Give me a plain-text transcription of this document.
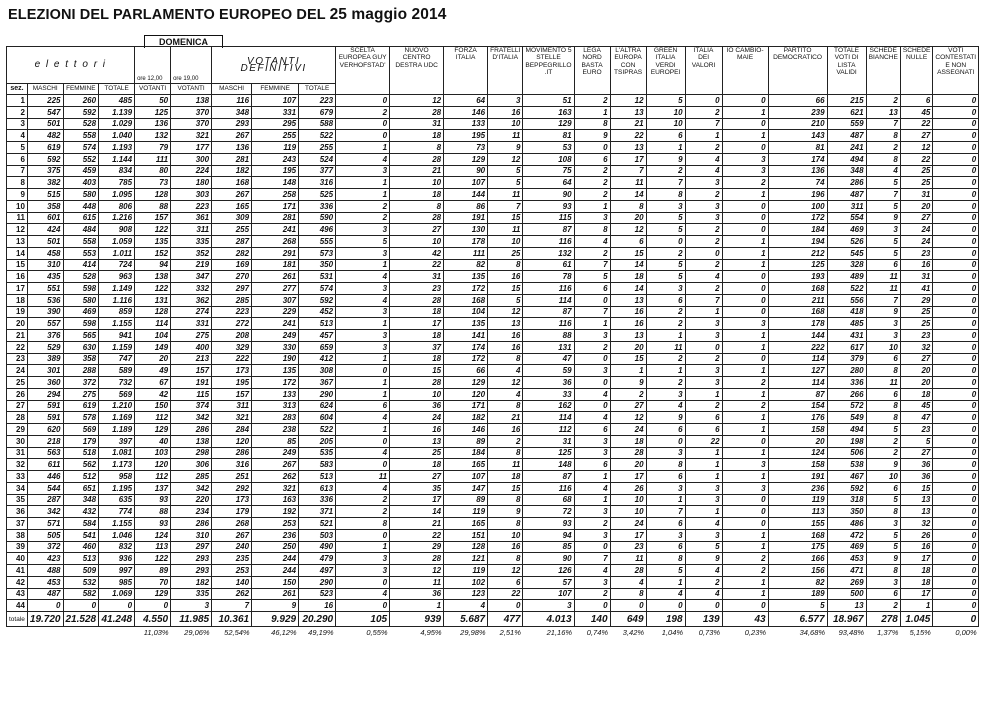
ELEZIONI DEL PARLAMENTO EUROPEO DEL 25 maggio 2014
DOMENICA
e l e t t o r i				ore 12,00	ore 19,00	VOTANTI DEFINITIVI			SCELTA EUROPEA GUY VERHOFSTAD'	NUOVO CENTRO DESTRA UDC	FORZA ITALIA	FRATELLI D'ITALIA	MOVIMENTO 5 STELLE BEPPEGRILLO .IT	LEGA NORD BASTA EURO	L'ALTRA EUROPA CON TSIPRAS	GREEN ITALIA VERDI EUROPEI	ITALIA DEI VALORI	IO CAMBIO- MAIE	PARTITO DEMOCRATICO	TOTALE VOTI DI LISTA VALIDI	SCHEDE BIANCHE	SCHEDE NULLE	VOTI CONTESTATI E NON ASSEGNATI
sez.	MASCHI	FEMMINE	TOTALE	VOTANTI	VOTANTI	MASCHI	FEMMINE	TOTALE															
1	225	260	485	50	138	116	107	223	0	12	64	3	51	2	12	5	0	0	66	215	2	6	0
2	547	592	1.139	125	370	348	331	679	2	28	146	16	163	1	13	10	2	1	239	621	13	45	0
3	501	528	1.029	136	370	293	295	588	0	31	133	10	129	8	21	10	7	0	210	559	7	22	0
4	482	558	1.040	132	321	267	255	522	0	18	195	11	81	9	22	6	1	1	143	487	8	27	0
5	619	574	1.193	79	177	136	119	255	1	8	73	9	53	0	13	1	2	0	81	241	2	12	0
6	592	552	1.144	111	300	281	243	524	4	28	129	12	108	6	17	9	4	3	174	494	8	22	0
7	375	459	834	80	224	182	195	377	3	21	90	5	75	2	7	2	4	3	136	348	4	25	0
8	382	403	785	73	180	168	148	316	1	10	107	5	64	2	11	7	3	2	74	286	5	25	0
9	515	580	1.095	128	303	267	258	525	1	18	144	11	90	2	14	8	2	1	196	487	7	31	0
10	358	448	806	88	223	165	171	336	2	8	86	7	93	1	8	3	3	0	100	311	5	20	0
11	601	615	1.216	157	361	309	281	590	2	28	191	15	115	3	20	5	3	0	172	554	9	27	0
12	424	484	908	122	311	255	241	496	3	27	130	11	87	8	12	5	2	0	184	469	3	24	0
13	501	558	1.059	135	335	287	268	555	5	10	178	10	116	4	6	0	2	1	194	526	5	24	0
14	458	553	1.011	152	352	282	291	573	3	42	111	25	132	2	15	2	0	1	212	545	5	23	0
15	310	414	724	94	219	169	181	350	1	22	82	8	61	7	14	5	2	1	125	328	6	16	0
16	435	528	963	138	347	270	261	531	4	31	135	16	78	5	18	5	4	0	193	489	11	31	0
17	551	598	1.149	122	332	297	277	574	3	23	172	15	116	6	14	3	2	0	168	522	11	41	0
18	536	580	1.116	131	362	285	307	592	4	28	168	5	114	0	13	6	7	0	211	556	7	29	0
19	390	469	859	128	274	223	229	452	3	18	104	12	87	7	16	2	1	0	168	418	9	25	0
20	557	598	1.155	114	331	272	241	513	1	17	135	13	116	1	16	2	3	3	178	485	3	25	0
21	376	565	941	104	275	208	249	457	3	18	141	16	88	3	13	1	3	1	144	431	3	23	0
22	529	630	1.159	149	400	329	330	659	3	37	174	16	131	2	20	11	0	1	222	617	10	32	0
23	389	358	747	20	213	222	190	412	1	18	172	8	47	0	15	2	2	0	114	379	6	27	0
24	301	288	589	49	157	173	135	308	0	15	66	4	59	3	1	1	3	1	127	280	8	20	0
25	360	372	732	67	191	195	172	367	1	28	129	12	36	0	9	2	3	2	114	336	11	20	0
26	294	275	569	42	115	157	133	290	1	10	120	4	33	4	2	3	1	1	87	266	6	18	0
27	591	619	1.210	150	374	311	313	624	6	36	171	8	162	0	27	4	2	2	154	572	8	45	0
28	591	578	1.169	112	342	321	283	604	4	24	182	21	114	4	12	9	6	1	176	549	8	47	0
29	620	569	1.189	129	286	284	238	522	1	16	146	16	112	6	24	6	6	1	158	494	5	23	0
30	218	179	397	40	138	120	85	205	0	13	89	2	31	3	18	0	22	0	20	198	2	5	0
31	563	518	1.081	103	298	286	249	535	4	25	184	8	125	3	28	3	1	1	124	506	2	27	0
32	611	562	1.173	120	306	316	267	583	0	18	165	11	148	6	20	8	1	3	158	538	9	36	0
33	446	512	958	112	285	251	262	513	11	27	107	18	87	1	17	6	1	1	191	467	10	36	0
34	544	651	1.195	137	342	292	321	613	4	35	147	15	116	4	26	3	3	3	236	592	6	15	0
35	287	348	635	93	220	173	163	336	2	17	89	8	68	1	10	1	3	0	119	318	5	13	0
36	342	432	774	88	234	179	192	371	2	14	119	9	72	3	10	7	1	0	113	350	8	13	0
37	571	584	1.155	93	286	268	253	521	8	21	165	8	93	2	24	6	4	0	155	486	3	32	0
38	505	541	1.046	124	310	267	236	503	0	22	151	10	94	3	17	3	3	1	168	472	5	26	0
39	372	460	832	113	297	240	250	490	1	29	128	16	85	0	23	6	5	1	175	469	5	16	0
40	423	513	936	122	293	235	244	479	3	28	121	8	90	7	11	8	9	2	166	453	9	17	0
41	488	509	997	89	293	253	244	497	3	12	119	12	126	4	28	5	4	2	156	471	8	18	0
42	453	532	985	70	182	140	150	290	0	11	102	6	57	3	4	1	2	1	82	269	3	18	0
43	487	582	1.069	129	335	262	261	523	4	36	123	22	107	2	8	4	4	1	189	500	6	17	0
44	0	0	0	0	3	7	9	16	0	1	4	0	3	0	0	0	0	0	5	13	2	1	0
totale	19.720	21.528	41.248	4.550	11.985	10.361	9.929	20.290	105	939	5.687	477	4.013	140	649	198	139	43	6.577	18.967	278	1.045	0
				11,03%	29,06%	52,54%	46,12%	49,19%	0,55%	4,95%	29,98%	2,51%	21,16%	0,74%	3,42%	1,04%	0,73%	0,23%	34,68%	93,48%	1,37%	5,15%	0,00%
